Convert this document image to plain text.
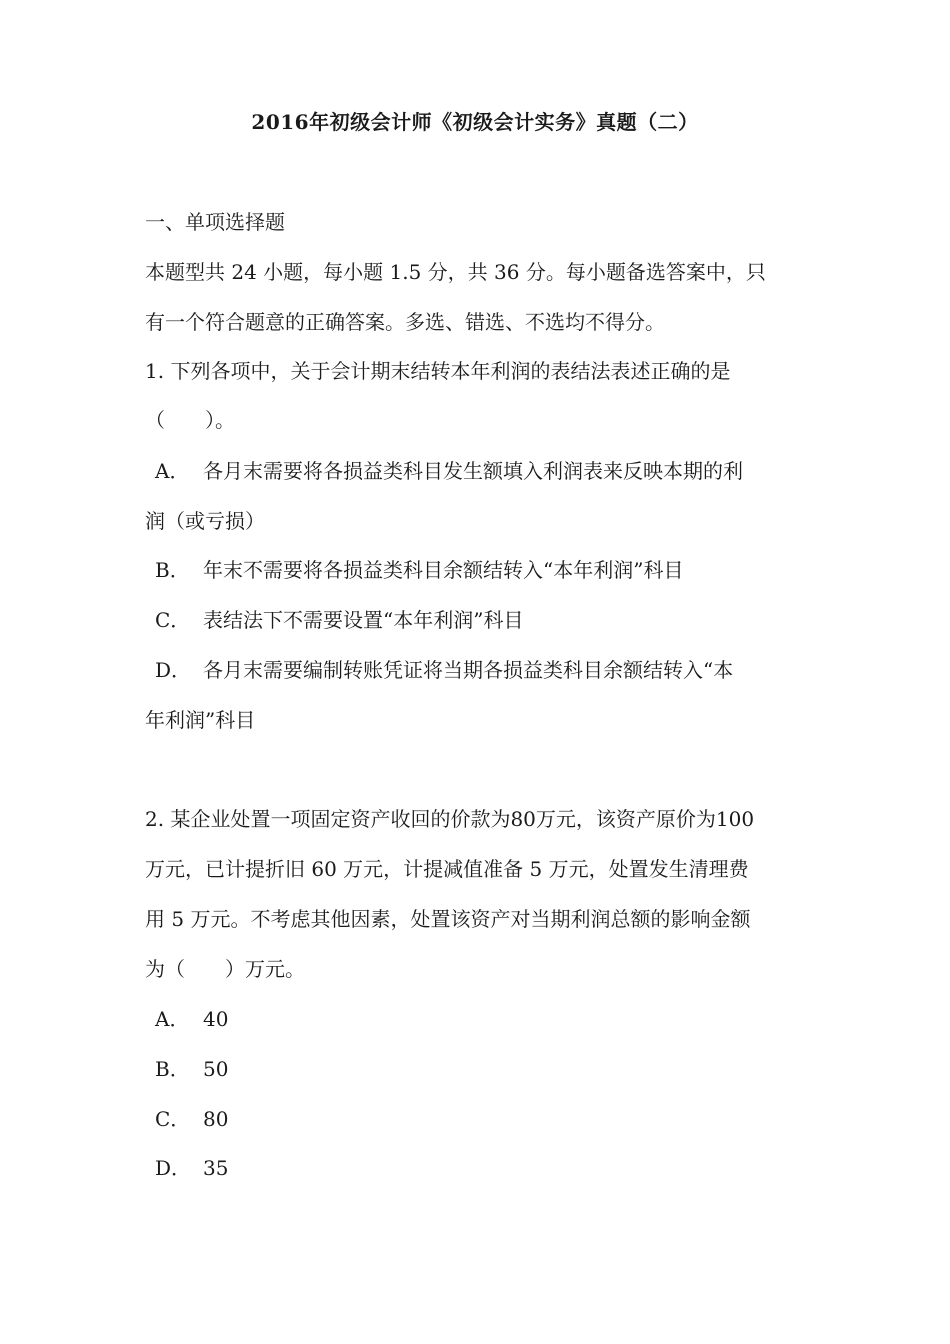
2016年初级会计师《初级会计实务》真题（二）
一、单项选择题
本题型共 24 小题，每小题 1.5 分，共 36 分。每小题备选答案中，只
有一个符合题意的正确答案。多选、错选、不选均不得分。
1. 下列各项中，关于会计期末结转本年利润的表结法表述正确的是
（　　）。
A． 各月末需要将各损益类科目发生额填入利润表来反映本期的利
润（或亏损）
B． 年末不需要将各损益类科目余额结转入“本年利润”科目
C． 表结法下不需要设置“本年利润”科目
D． 各月末需要编制转账凭证将当期各损益类科目余额结转入“本
年利润”科目
2. 某企业处置一项固定资产收回的价款为80万元，该资产原价为100
万元，已计提折旧 60 万元，计提减值准备 5 万元，处置发生清理费
用 5 万元。不考虑其他因素，处置该资产对当期利润总额的影响金额
为（　　）万元。
A． 40
B． 50
C． 80
D． 35
